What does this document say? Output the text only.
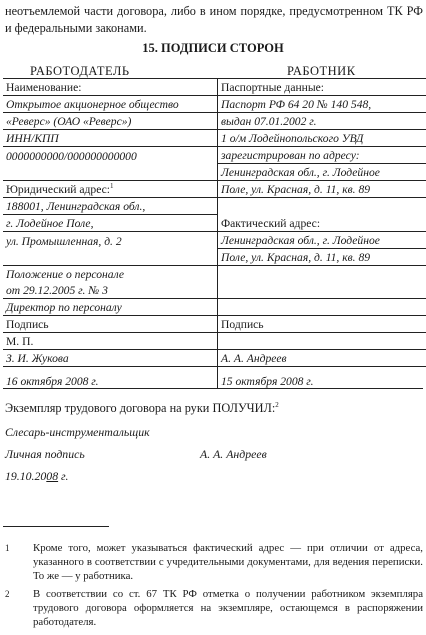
неотъемлемой части договора, либо в ином порядке, предусмотренном ТК РФ и федеральными законами.
15. ПОДПИСИ СТОРОН
РАБОТОДАТЕЛЬ	РАБОТНИК
Наименование:	Паспортные данные:
Открытое акционерное общество	Паспорт РФ 64 20 № 140 548,
«Реверс» (ОАО «Реверс»)	выдан 07.01.2002 г.
ИНН/КПП	1 о/м Лодейнопольского УВД
0000000000/000000000000	зарегистрирован по адресу:
	Ленинградская обл., г. Лодейное
Юридический адрес:$^1$	Поле, ул. Красная, д. 11, кв. 89
188001, Ленинградская обл.,	
г. Лодейное Поле,	Фактический адрес:
ул. Промышленная, д. 2	Ленинградская обл., г. Лодейное
	Поле, ул. Красная, д. 11, кв. 89
Положение о персонале	
от 29.12.2005 г. № 3	
Директор по персоналу	
Подпись	Подпись
М. П.	
З. И. Жукова	А. А. Андреев
16 октября 2008 г.	15 октября 2008 г.
Экземпляр трудового договора на руки ПОЛУЧИЛ:$^2$
Слесарь-инструментальщик
Личная подпись	А. А. Андреев
19.10.2008 г.
1 Кроме того, может указываться фактический адрес — при отличии от адреса, указанного в соответствии с учредительными документами, для ведения переписки. То же — у работника.
2 В соответствии со ст. 67 ТК РФ отметка о получении работником экземпляра трудового договора оформляется на экземпляре, остающемся в распоряжении работодателя.
